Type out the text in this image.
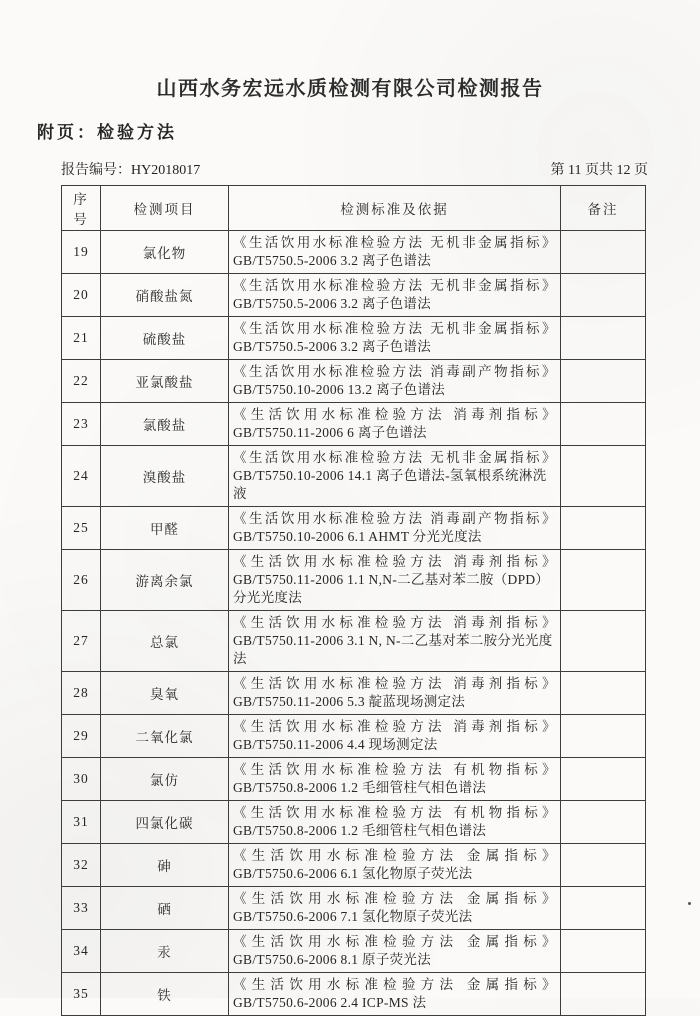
山西水务宏远水质检测有限公司检测报告
附页：检验方法
报告编号：HY2018017	第 11 页共 12 页
序号	检测项目	检测标准及依据	备注
19	氯化物	《生活饮用水标准检验方法 无机非金属指标》
GB/T5750.5-2006 3.2 离子色谱法	

20	硝酸盐氮	《生活饮用水标准检验方法 无机非金属指标》
GB/T5750.5-2006 3.2 离子色谱法	

21	硫酸盐	《生活饮用水标准检验方法 无机非金属指标》
GB/T5750.5-2006 3.2 离子色谱法	

22	亚氯酸盐	《生活饮用水标准检验方法 消毒副产物指标》
GB/T5750.10-2006 13.2 离子色谱法	

23	氯酸盐	《生活饮用水标准检验方法 消毒剂指标》
GB/T5750.11-2006 6 离子色谱法	

24	溴酸盐	《生活饮用水标准检验方法 无机非金属指标》
GB/T5750.10-2006 14.1 离子色谱法-氢氧根系统淋洗液	

25	甲醛	《生活饮用水标准检验方法 消毒副产物指标》
GB/T5750.10-2006 6.1 AHMT 分光光度法	

26	游离余氯	《生活饮用水标准检验方法 消毒剂指标》
GB/T5750.11-2006 1.1 N,N-二乙基对苯二胺（DPD）分光光度法	

27	总氯	《生活饮用水标准检验方法 消毒剂指标》
GB/T5750.11-2006 3.1 N, N-二乙基对苯二胺分光光度法	

28	臭氧	《生活饮用水标准检验方法 消毒剂指标》
GB/T5750.11-2006 5.3 靛蓝现场测定法	

29	二氧化氯	《生活饮用水标准检验方法 消毒剂指标》
GB/T5750.11-2006 4.4 现场测定法	

30	氯仿	《生活饮用水标准检验方法 有机物指标》
GB/T5750.8-2006 1.2 毛细管柱气相色谱法	

31	四氯化碳	《生活饮用水标准检验方法 有机物指标》
GB/T5750.8-2006 1.2 毛细管柱气相色谱法	

32	砷	《生活饮用水标准检验方法 金属指标》
GB/T5750.6-2006 6.1 氢化物原子荧光法	

33	硒	《生活饮用水标准检验方法 金属指标》
GB/T5750.6-2006 7.1 氢化物原子荧光法	

34	汞	《生活饮用水标准检验方法 金属指标》
GB/T5750.6-2006 8.1 原子荧光法	

35	铁	《生活饮用水标准检验方法 金属指标》
GB/T5750.6-2006 2.4 ICP-MS 法	
